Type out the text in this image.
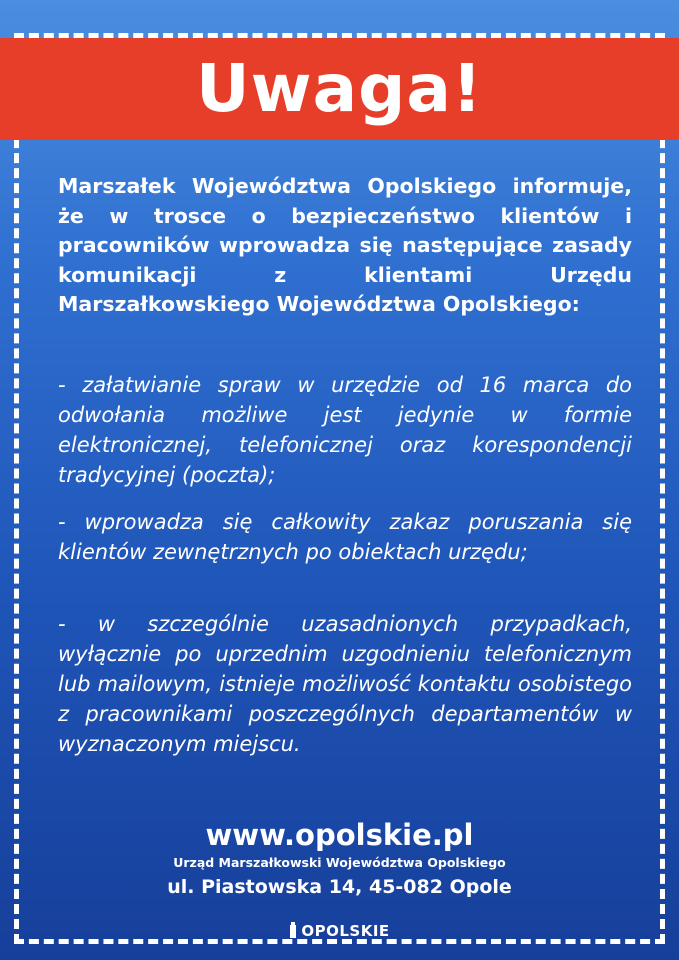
Uwaga!

Marszałek Województwa Opolskiego informuje, że w trosce o bezpieczeństwo klientów i pracowników wprowadza się następujące zasady komunikacji z klientami Urzędu Marszałkowskiego Województwa Opolskiego:

- załatwianie spraw w urzędzie od 16 marca do odwołania możliwe jest jedynie w formie elektronicznej, telefonicznej oraz korespondencji tradycyjnej (poczta);

- wprowadza się całkowity zakaz poruszania się klientów zewnętrznych po obiektach urzędu;

- w szczególnie uzasadnionych przypadkach, wyłącznie po uprzednim uzgodnieniu telefonicznym lub mailowym, istnieje możliwość kontaktu osobistego z pracownikami poszczególnych departamentów w wyznaczonym miejscu.

www.opolskie.pl
Urząd Marszałkowski Województwa Opolskiego
ul. Piastowska 14, 45-082 Opole
OPOLSKIE
